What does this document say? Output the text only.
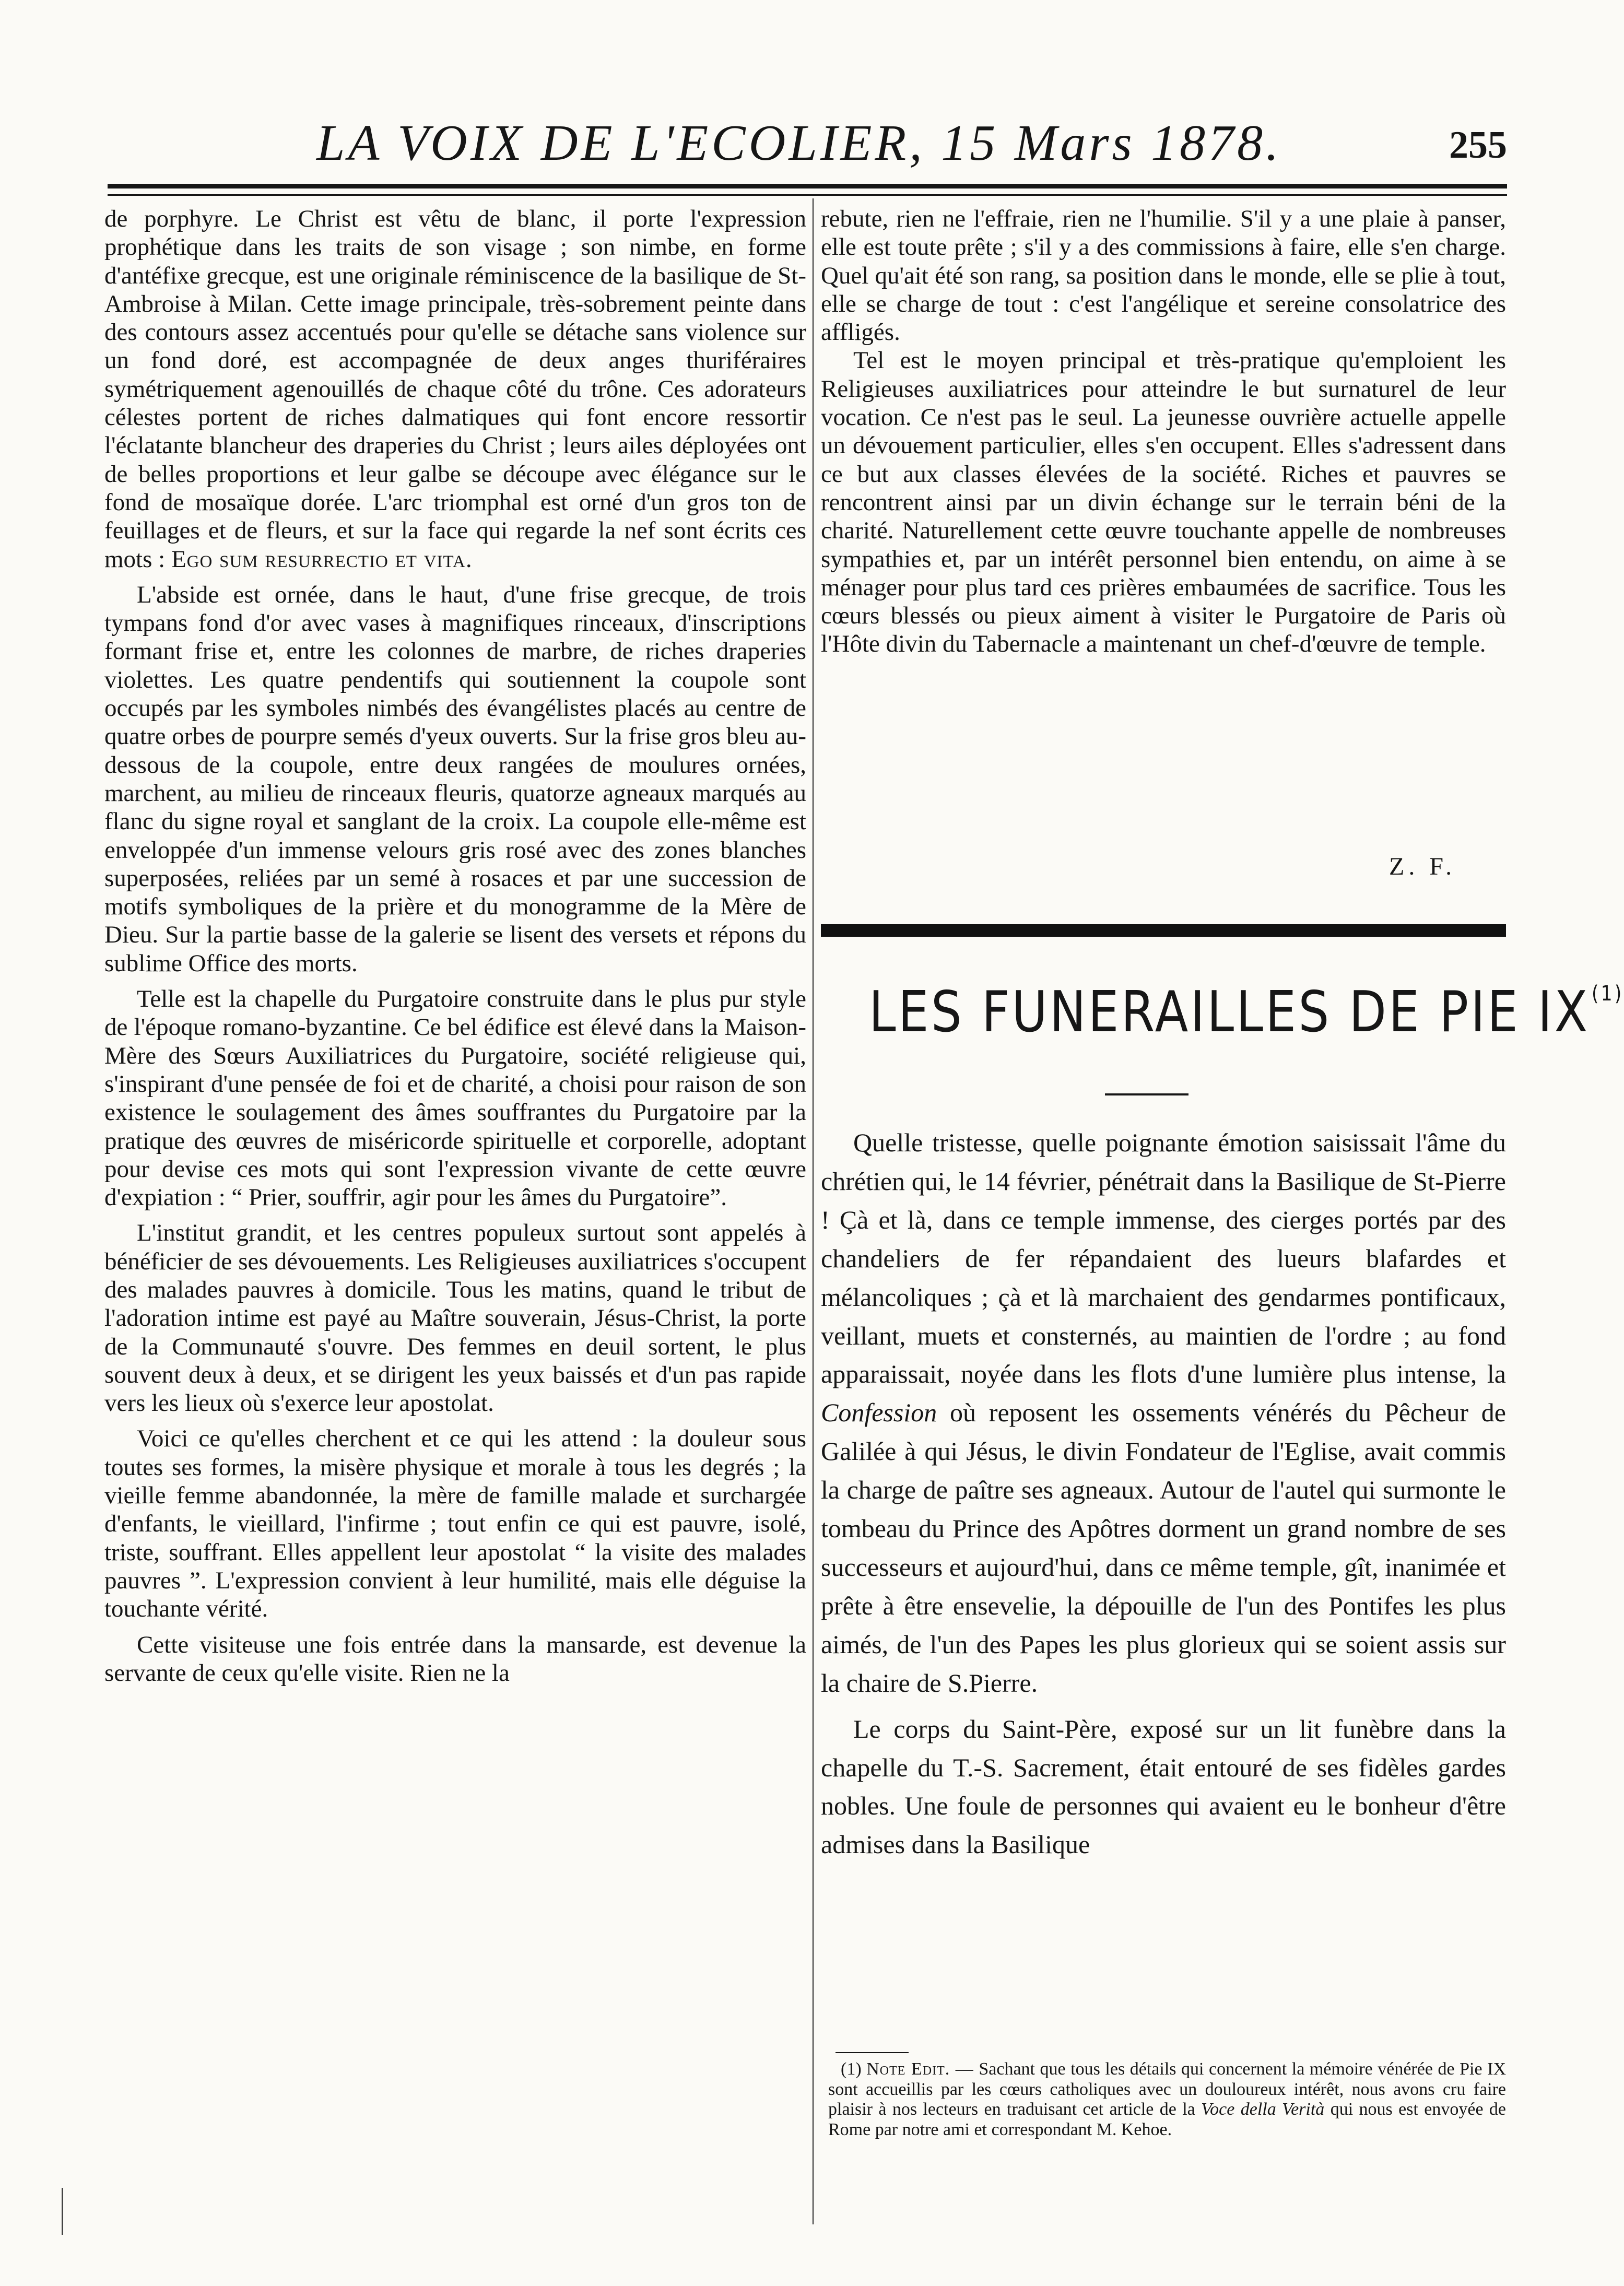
LA VOIX DE L'ECOLIER, 15 Mars 1878.	255

de porphyre. Le Christ est vêtu de blanc, il porte l'expression prophétique dans les traits de son visage ; son nimbe, en forme d'antéfixe grecque, est une originale réminiscence de la basilique de St-Ambroise à Milan. Cette image principale, très-sobrement peinte dans des contours assez accentués pour qu'elle se détache sans violence sur un fond doré, est accompagnée de deux anges thuriféraires symétriquement agenouillés de chaque côté du trône. Ces adorateurs célestes portent de riches dalmatiques qui font encore ressortir l'éclatante blancheur des draperies du Christ ; leurs ailes déployées ont de belles proportions et leur galbe se découpe avec élégance sur le fond de mosaïque dorée. L'arc triomphal est orné d'un gros ton de feuillages et de fleurs, et sur la face qui regarde la nef sont écrits ces mots : Ego sum resurrectio et vita.

L'abside est ornée, dans le haut, d'une frise grecque, de trois tympans fond d'or avec vases à magnifiques rinceaux, d'inscriptions formant frise et, entre les colonnes de marbre, de riches draperies violettes. Les quatre pendentifs qui soutiennent la coupole sont occupés par les symboles nimbés des évangélistes placés au centre de quatre orbes de pourpre semés d'yeux ouverts. Sur la frise gros bleu au-dessous de la coupole, entre deux rangées de moulures ornées, marchent, au milieu de rinceaux fleuris, quatorze agneaux marqués au flanc du signe royal et sanglant de la croix. La coupole elle-même est enveloppée d'un immense velours gris rosé avec des zones blanches superposées, reliées par un semé à rosaces et par une succession de motifs symboliques de la prière et du monogramme de la Mère de Dieu. Sur la partie basse de la galerie se lisent des versets et répons du sublime Office des morts.

Telle est la chapelle du Purgatoire construite dans le plus pur style de l'époque romano-byzantine. Ce bel édifice est élevé dans la Maison-Mère des Sœurs Auxiliatrices du Purgatoire, société religieuse qui, s'inspirant d'une pensée de foi et de charité, a choisi pour raison de son existence le soulagement des âmes souffrantes du Purgatoire par la pratique des œuvres de miséricorde spirituelle et corporelle, adoptant pour devise ces mots qui sont l'expression vivante de cette œuvre d'expiation : “ Prier, souffrir, agir pour les âmes du Purgatoire”.

L'institut grandit, et les centres populeux surtout sont appelés à bénéficier de ses dévouements. Les Religieuses auxiliatrices s'occupent des malades pauvres à domicile. Tous les matins, quand le tribut de l'adoration intime est payé au Maître souverain, Jésus-Christ, la porte de la Communauté s'ouvre. Des femmes en deuil sortent, le plus souvent deux à deux, et se dirigent les yeux baissés et d'un pas rapide vers les lieux où s'exerce leur apostolat.

Voici ce qu'elles cherchent et ce qui les attend : la douleur sous toutes ses formes, la misère physique et morale à tous les degrés ; la vieille femme abandonnée, la mère de famille malade et surchargée d'enfants, le vieillard, l'infirme ; tout enfin ce qui est pauvre, isolé, triste, souffrant. Elles appellent leur apostolat “ la visite des malades pauvres ”. L'expression convient à leur humilité, mais elle déguise la touchante vérité.

Cette visiteuse une fois entrée dans la mansarde, est devenue la servante de ceux qu'elle visite. Rien ne la

rebute, rien ne l'effraie, rien ne l'humilie. S'il y a une plaie à panser, elle est toute prête ; s'il y a des commissions à faire, elle s'en charge. Quel qu'ait été son rang, sa position dans le monde, elle se plie à tout, elle se charge de tout : c'est l'angélique et sereine consolatrice des affligés.

Tel est le moyen principal et très-pratique qu'emploient les Religieuses auxiliatrices pour atteindre le but surnaturel de leur vocation. Ce n'est pas le seul. La jeunesse ouvrière actuelle appelle un dévouement particulier, elles s'en occupent. Elles s'adressent dans ce but aux classes élevées de la société. Riches et pauvres se rencontrent ainsi par un divin échange sur le terrain béni de la charité. Naturellement cette œuvre touchante appelle de nombreuses sympathies et, par un intérêt personnel bien entendu, on aime à se ménager pour plus tard ces prières embaumées de sacrifice. Tous les cœurs blessés ou pieux aiment à visiter le Purgatoire de Paris où l'Hôte divin du Tabernacle a maintenant un chef-d'œuvre de temple.

Z. F.
LES FUNERAILLES DE PIE IX$^{(1)}$

Quelle tristesse, quelle poignante émotion saisissait l'âme du chrétien qui, le 14 février, pénétrait dans la Basilique de St-Pierre ! Çà et là, dans ce temple immense, des cierges portés par des chandeliers de fer répandaient des lueurs blafardes et mélancoliques ; çà et là marchaient des gendarmes pontificaux, veillant, muets et consternés, au maintien de l'ordre ; au fond apparaissait, noyée dans les flots d'une lumière plus intense, la Confession où reposent les ossements vénérés du Pêcheur de Galilée à qui Jésus, le divin Fondateur de l'Eglise, avait commis la charge de paître ses agneaux. Autour de l'autel qui surmonte le tombeau du Prince des Apôtres dorment un grand nombre de ses successeurs et aujourd'hui, dans ce même temple, gît, inanimée et prête à être ensevelie, la dépouille de l'un des Pontifes les plus aimés, de l'un des Papes les plus glorieux qui se soient assis sur la chaire de S.Pierre.

Le corps du Saint-Père, exposé sur un lit funèbre dans la chapelle du T.-S. Sacrement, était entouré de ses fidèles gardes nobles. Une foule de personnes qui avaient eu le bonheur d'être admises dans la Basilique

(1) Note Edit. — Sachant que tous les détails qui concernent la mémoire vénérée de Pie IX sont accueillis par les cœurs catholiques avec un douloureux intérêt, nous avons cru faire plaisir à nos lecteurs en traduisant cet article de la Voce della Verità qui nous est envoyée de Rome par notre ami et correspondant M. Kehoe.
